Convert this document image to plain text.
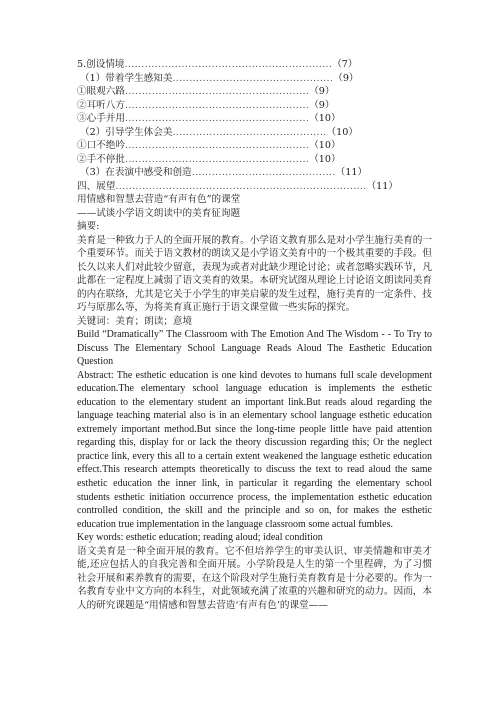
5.创设情境 .............................................................. （7）
（1）带着学生感知美 ................................................ （9）
①眼观六路 ....................................................... （9）
②耳听八方 ....................................................... （9）
③心手并用 ....................................................... （10）
（2）引导学生体会美 .............................................. （10）
①口不绝吟 ....................................................... （10）
②手不停批 ....................................................... （10）
（3）在表演中感受和创造 ........................................... （11）
四、展望 ........................................................................... （11）

用情感和智慧去营造“有声有色”的课堂

——试谈小学语文朗读中的美育征询题

摘要:

美育是一种致力于人的全面开展的教育。小学语文教育那么是对小学生施行美育的一个重要环节。而关于语文教材的朗读又是小学语文美育中的一个极其重要的手段。但长久以来人们对此较少留意，表现为或者对此缺少理论讨论；或者忽略实践环节，凡此都在一定程度上减弱了语文美育的效果。本研究试图从理论上讨论语文朗读同美育的内在联络，尤其是它关于小学生的审美启蒙的发生过程，施行美育的一定条件、技巧与原那么等，为将美育真正施行于语文课堂做一些实际的探究。

关键词：美育；朗读；意境

Build “Dramatically” The Classroom with The Emotion And The Wisdom - - To Try to Discuss The Elementary School Language Reads Aloud The Easthetic Education Question

Abstract: The esthetic education is one kind devotes to humans full scale development education.The elementary school language education is implements the esthetic education to the elementary student an important link.But reads aloud regarding the language teaching material also is in an elementary school language esthetic education extremely important method.But since the long-time people little have paid attention regarding this, display for or lack the theory discussion regarding this; Or the neglect practice link, every this all to a certain extent weakened the language esthetic education effect.This research attempts theoretically to discuss the text to read aloud the same esthetic education the inner link, in particular it regarding the elementary school students esthetic initiation occurrence process, the implementation esthetic education controlled condition, the skill and the principle and so on, for makes the esthetic education true implementation in the language classroom some actual fumbles.

Key words: esthetic education; reading aloud; ideal condition

语文美育是一种全面开展的教育。它不但培养学生的审美认识、审美情趣和审美才能,还应包括人的自我完善和全面开展。小学阶段是人生的第一个里程碑，为了习惯社会开展和素养教育的需要，在这个阶段对学生施行美育教育是十分必要的。作为一名教育专业中文方向的本科生，对此领域充满了浓重的兴趣和研究的动力。因而，本人的研究课题是“用情感和智慧去营造‘有声有色’的课堂——
